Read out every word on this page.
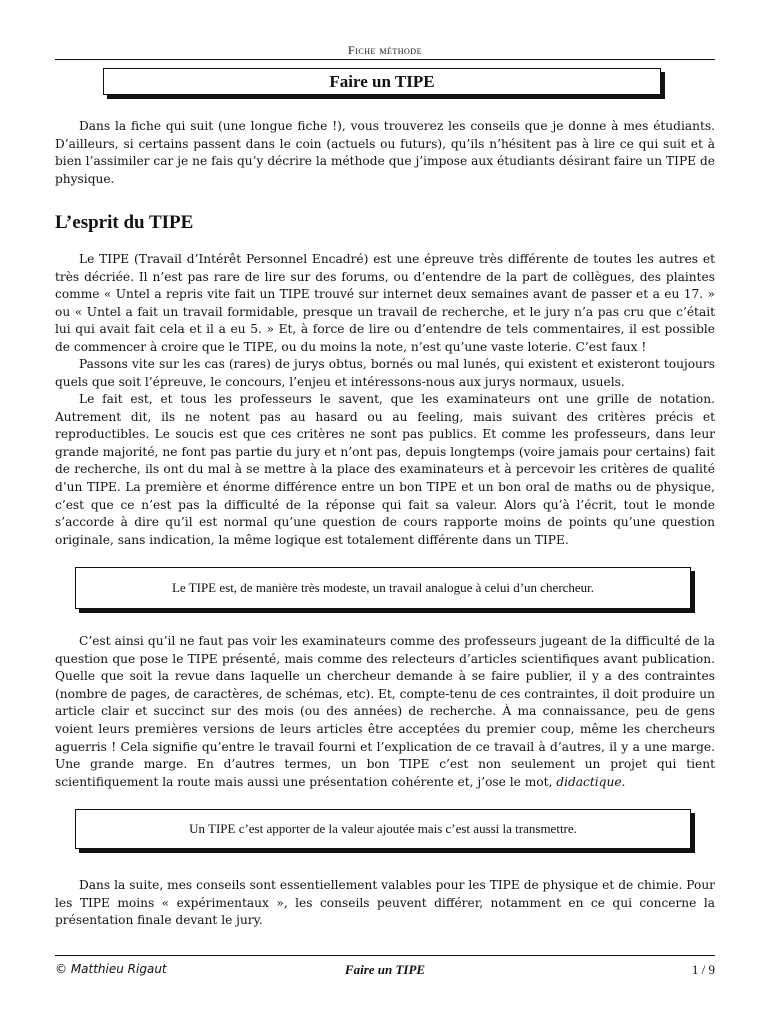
Fiche méthode
Faire un TIPE

Dans la fiche qui suit (une longue fiche !), vous trouverez les conseils que je donne à mes étudiants. D’ailleurs, si certains passent dans le coin (actuels ou futurs), qu’ils n’hésitent pas à lire ce qui suit et à bien l’assimiler car je ne fais qu’y décrire la méthode que j’impose aux étudiants désirant faire un TIPE de physique.

L’esprit du TIPE

Le TIPE (Travail d’Intérêt Personnel Encadré) est une épreuve très différente de toutes les autres et très décriée. Il n’est pas rare de lire sur des forums, ou d’entendre de la part de collègues, des plaintes comme « Untel a repris vite fait un TIPE trouvé sur internet deux semaines avant de passer et a eu 17. » ou « Untel a fait un travail formidable, presque un travail de recherche, et le jury n’a pas cru que c’était lui qui avait fait cela et il a eu 5. » Et, à force de lire ou d’entendre de tels commentaires, il est possible de commencer à croire que le TIPE, ou du moins la note, n’est qu’une vaste loterie. C’est faux !

Passons vite sur les cas (rares) de jurys obtus, bornés ou mal lunés, qui existent et existeront toujours quels que soit l’épreuve, le concours, l’enjeu et intéressons-nous aux jurys normaux, usuels.

Le fait est, et tous les professeurs le savent, que les examinateurs ont une grille de notation. Autrement dit, ils ne notent pas au hasard ou au feeling, mais suivant des critères précis et reproductibles. Le soucis est que ces critères ne sont pas publics. Et comme les professeurs, dans leur grande majorité, ne font pas partie du jury et n’ont pas, depuis longtemps (voire jamais pour certains) fait de recherche, ils ont du mal à se mettre à la place des examinateurs et à percevoir les critères de qualité d’un TIPE. La première et énorme différence entre un bon TIPE et un bon oral de maths ou de physique, c’est que ce n’est pas la difficulté de la réponse qui fait sa valeur. Alors qu’à l’écrit, tout le monde s’accorde à dire qu’il est normal qu’une question de cours rapporte moins de points qu’une question originale, sans indication, la même logique est totalement différente dans un TIPE.

Le TIPE est, de manière très modeste, un travail analogue à celui d’un chercheur.

C’est ainsi qu’il ne faut pas voir les examinateurs comme des professeurs jugeant de la difficulté de la question que pose le TIPE présenté, mais comme des relecteurs d’articles scientifiques avant publication. Quelle que soit la revue dans laquelle un chercheur demande à se faire publier, il y a des contraintes (nombre de pages, de caractères, de schémas, etc). Et, compte-tenu de ces contraintes, il doit produire un article clair et succinct sur des mois (ou des années) de recherche. À ma connaissance, peu de gens voient leurs premières versions de leurs articles être acceptées du premier coup, même les chercheurs aguerris ! Cela signifie qu’entre le travail fourni et l’explication de ce travail à d’autres, il y a une marge. Une grande marge. En d’autres termes, un bon TIPE c’est non seulement un projet qui tient scientifiquement la route mais aussi une présentation cohérente et, j’ose le mot, didactique.

Un TIPE c’est apporter de la valeur ajoutée mais c’est aussi la transmettre.

Dans la suite, mes conseils sont essentiellement valables pour les TIPE de physique et de chimie. Pour les TIPE moins « expérimentaux », les conseils peuvent différer, notamment en ce qui concerne la présentation finale devant le jury.

© Matthieu Rigaut	Faire un TIPE	1 / 9
